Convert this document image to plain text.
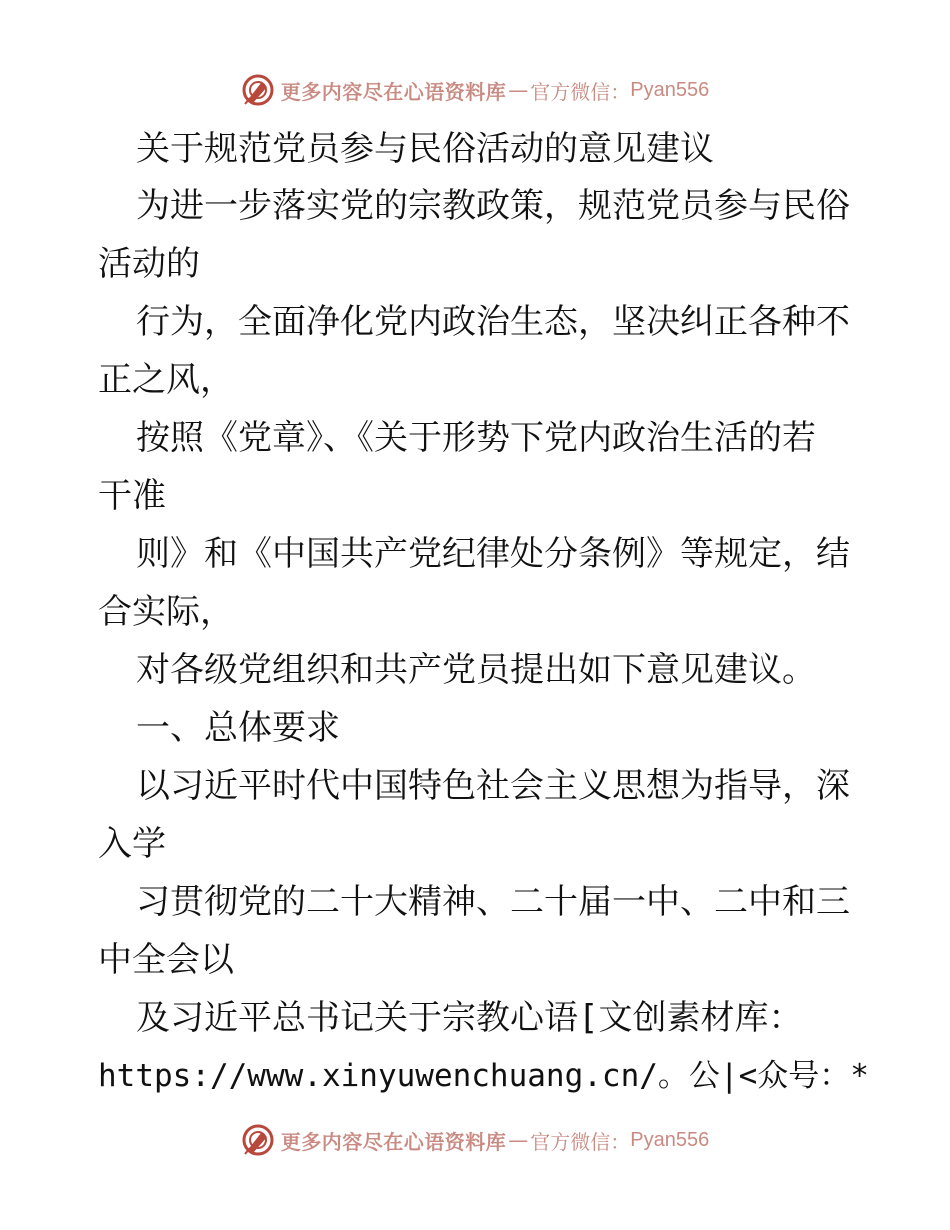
更多内容尽在心语资料库 — 官方微信： Pyan556
关于规范党员参与民俗活动的意见建议
为进一步落实党的宗教政策，规范党员参与民俗
活动的
行为，全面净化党内政治生态，坚决纠正各种不
正之风，
按照《党章》、《关于形势下党内政治生活的若
干准
则》和《中国共产党纪律处分条例》等规定，结
合实际，
对各级党组织和共产党员提出如下意见建议。
一、总体要求
以习近平时代中国特色社会主义思想为指导，深
入学
习贯彻党的二十大精神、二十届一中、二中和三
中全会以
及习近平总书记关于宗教心语[文创素材库：
https://www.xinyuwenchuang.cn/。公|<众号：*
更多内容尽在心语资料库 — 官方微信： Pyan556
